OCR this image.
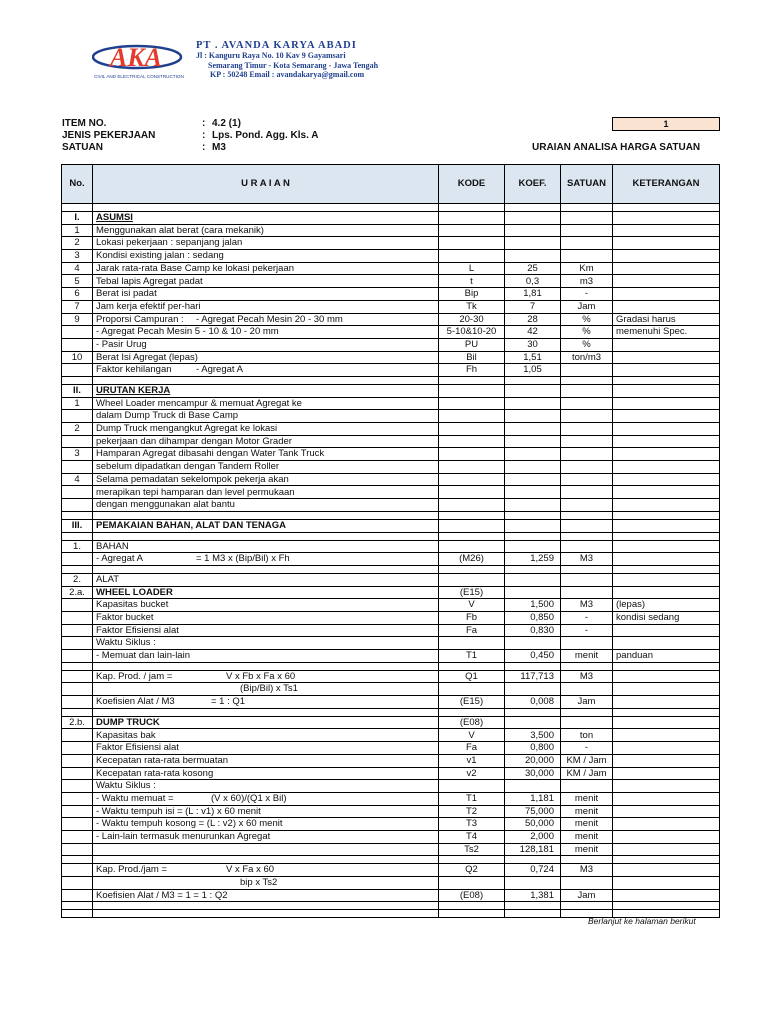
AKA
CIVIL AND ELECTRICAL CONSTRUCTION
PT . AVANDA KARYA ABADI
Jl : Kanguru Raya No. 10 Kav 9 Gayamsari
Semarang Timur - Kota Semarang - Jawa Tengah
KP : 50248 Email : avandakarya@gmail.com
ITEM NO.	: 4.2 (1)
JENIS PEKERJAAN	: Lps. Pond. Agg. Kls. A
SATUAN	: M3
1
URAIAN ANALISA HARGA SATUAN
No.	U R A I A N	KODE	KOEF.	SATUAN	KETERANGAN

I.	ASUMSI				
1	Menggunakan alat berat (cara mekanik)				
2	Lokasi pekerjaan : sepanjang jalan				
3	Kondisi existing jalan : sedang				
4	Jarak rata-rata Base Camp ke lokasi pekerjaan	L	25	Km	
5	Tebal lapis Agregat padat	t	0,3	m3	
6	Berat isi padat	Bip	1,81	-	
7	Jam kerja efektif per-hari	Tk	7	Jam	
9	Proporsi Campuran : - Agregat Pecah Mesin 20 - 30 mm	20-30	28	%	Gradasi harus
	- Agregat Pecah Mesin 5 - 10 & 10 - 20 mm	5-10&10-20	42	%	memenuhi Spec.
	- Pasir Urug	PU	30	%	
10	Berat Isi Agregat (lepas)	Bil	1,51	ton/m3	
	Faktor kehilangan - Agregat A	Fh	1,05		

II.	URUTAN KERJA				
1	Wheel Loader mencampur & memuat Agregat ke				
	dalam Dump Truck di Base Camp				
2	Dump Truck mengangkut Agregat ke lokasi				
	pekerjaan dan dihampar dengan Motor Grader				
3	Hamparan Agregat dibasahi dengan Water Tank Truck				
	sebelum dipadatkan dengan Tandem Roller				
4	Selama pemadatan sekelompok pekerja akan				
	merapikan tepi hamparan dan level permukaan				
	dengan menggunakan alat bantu				

III.	PEMAKAIAN BAHAN, ALAT DAN TENAGA				

1.	BAHAN				
	- Agregat A = 1 M3 x (Bip/Bil) x Fh	(M26)	1,259	M3	

2.	ALAT				
2.a.	WHEEL LOADER	(E15)			
	Kapasitas bucket	V	1,500	M3	(lepas)
	Faktor bucket	Fb	0,850	-	kondisi sedang
	Faktor Efisiensi alat	Fa	0,830	-	
	Waktu Siklus :				
	- Memuat dan lain-lain	T1	0,450	menit	panduan

	Kap. Prod. / jam = V x Fb x Fa x 60	Q1	117,713	M3	
	(Bip/Bil) x Ts1				
	Koefisien Alat / M3 = 1 : Q1	(E15)	0,008	Jam	

2.b.	DUMP TRUCK	(E08)			
	Kapasitas bak	V	3,500	ton	
	Faktor Efisiensi alat	Fa	0,800	-	
	Kecepatan rata-rata bermuatan	v1	20,000	KM / Jam	
	Kecepatan rata-rata kosong	v2	30,000	KM / Jam	
	Waktu Siklus :				
	- Waktu memuat = (V x 60)/(Q1 x Bil)	T1	1,181	menit	
	- Waktu tempuh isi = (L : v1) x 60 menit	T2	75,000	menit	
	- Waktu tempuh kosong = (L : v2) x 60 menit	T3	50,000	menit	
	- Lain-lain termasuk menurunkan Agregat	T4	2,000	menit	
		Ts2	128,181	menit	

	Kap. Prod./jam = V x Fa x 60	Q2	0,724	M3	
	bip x Ts2				
	Koefisien Alat / M3 = 1 = 1 : Q2	(E08)	1,381	Jam	

Berlanjut ke halaman berikut
